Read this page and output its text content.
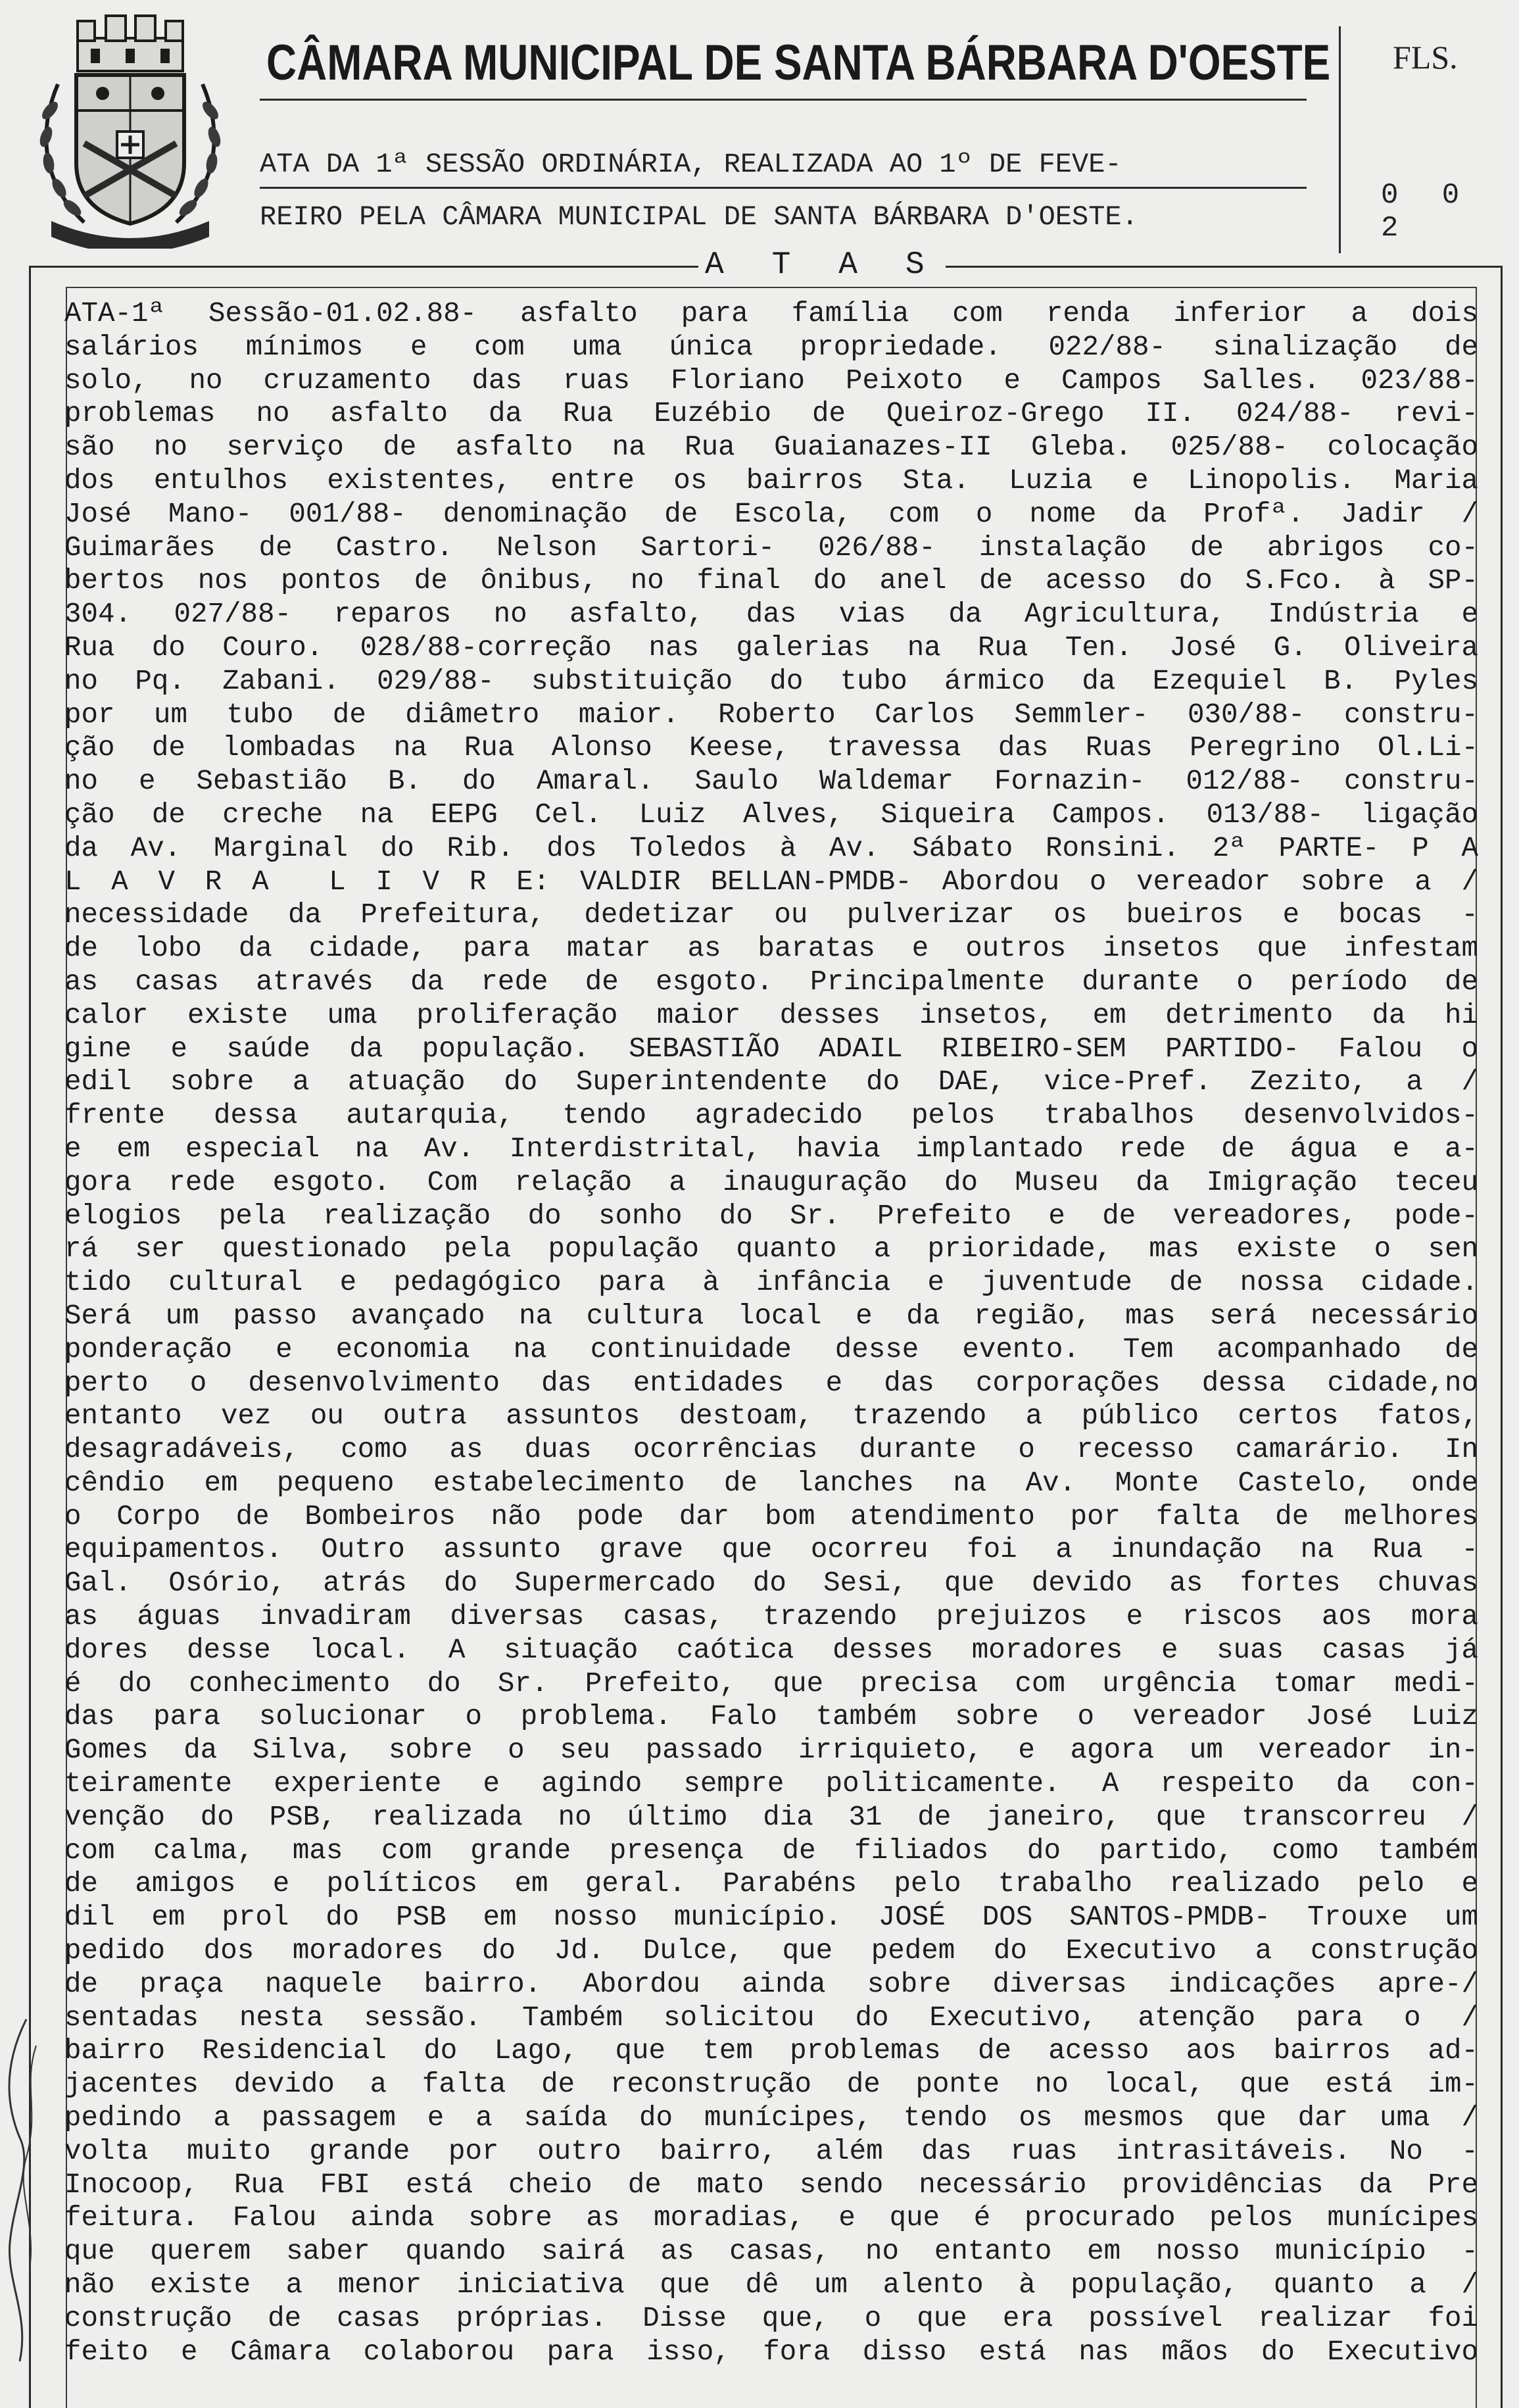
CÂMARA MUNICIPAL DE SANTA BÁRBARA D'OESTE
ATA DA 1ª SESSÃO ORDINÁRIA, REALIZADA AO 1º DE FEVE-
REIRO PELA CÂMARA MUNICIPAL DE SANTA BÁRBARA D'OESTE.
FLS.
0 0 2
A T A S
ATA-1ª Sessão-01.02.88- asfalto para família com renda inferior a dois
salários mínimos e com uma única propriedade. 022/88- sinalização de
solo, no cruzamento das ruas Floriano Peixoto e Campos Salles. 023/88-
problemas no asfalto da Rua Euzébio de Queiroz-Grego II. 024/88- revi-
são no serviço de asfalto na Rua Guaianazes-II Gleba. 025/88- colocação
dos entulhos existentes, entre os bairros Sta. Luzia e Linopolis. Maria
José Mano- 001/88- denominação de Escola, com o nome da Profª. Jadir /
Guimarães de Castro. Nelson Sartori- 026/88- instalação de abrigos co-
bertos nos pontos de ônibus, no final do anel de acesso do S.Fco. à SP-
304. 027/88- reparos no asfalto, das vias da Agricultura, Indústria e
Rua do Couro. 028/88-correção nas galerias na Rua Ten. José G. Oliveira
no Pq. Zabani. 029/88- substituição do tubo ármico da Ezequiel B. Pyles
por um tubo de diâmetro maior. Roberto Carlos Semmler- 030/88- constru-
ção de lombadas na Rua Alonso Keese, travessa das Ruas Peregrino Ol.Li-
no e Sebastião B. do Amaral. Saulo Waldemar Fornazin- 012/88- constru-
ção de creche na EEPG Cel. Luiz Alves, Siqueira Campos. 013/88- ligação
da Av. Marginal do Rib. dos Toledos à Av. Sábato Ronsini. 2ª PARTE- P A
L A V R A  L I V R E: VALDIR BELLAN-PMDB- Abordou o vereador sobre a /
necessidade da Prefeitura, dedetizar ou pulverizar os bueiros e bocas -
de lobo da cidade, para matar as baratas e outros insetos que infestam
as casas através da rede de esgoto. Principalmente durante o período de
calor existe uma proliferação maior desses insetos, em detrimento da hi
gine e saúde da população. SEBASTIÃO ADAIL RIBEIRO-SEM PARTIDO- Falou o
edil sobre a atuação do Superintendente do DAE, vice-Pref. Zezito, a /
frente dessa autarquia, tendo agradecido pelos trabalhos desenvolvidos-
e em especial na Av. Interdistrital, havia implantado rede de água e a-
gora rede esgoto. Com relação a inauguração do Museu da Imigração teceu
elogios pela realização do sonho do Sr. Prefeito e de vereadores, pode-
rá ser questionado pela população quanto a prioridade, mas existe o sen
tido cultural e pedagógico para à infância e juventude de nossa cidade.
Será um passo avançado na cultura local e da região, mas será necessário
ponderação e economia na continuidade desse evento. Tem acompanhado de
perto o desenvolvimento das entidades e das corporações dessa cidade,no
entanto vez ou outra assuntos destoam, trazendo a público certos fatos,
desagradáveis, como as duas ocorrências durante o recesso camarário. In
cêndio em pequeno estabelecimento de lanches na Av. Monte Castelo, onde
o Corpo de Bombeiros não pode dar bom atendimento por falta de melhores
equipamentos. Outro assunto grave que ocorreu foi a inundação na Rua -
Gal. Osório, atrás do Supermercado do Sesi, que devido as fortes chuvas
as águas invadiram diversas casas, trazendo prejuizos e riscos aos mora
dores desse local. A situação caótica desses moradores e suas casas já
é do conhecimento do Sr. Prefeito, que precisa com urgência tomar medi-
das para solucionar o problema. Falo também sobre o vereador José Luiz
Gomes da Silva, sobre o seu passado irriquieto, e agora um vereador in-
teiramente experiente e agindo sempre politicamente. A respeito da con-
venção do PSB, realizada no último dia 31 de janeiro, que transcorreu /
com calma, mas com grande presença de filiados do partido, como também
de amigos e políticos em geral. Parabéns pelo trabalho realizado pelo e
dil em prol do PSB em nosso município. JOSÉ DOS SANTOS-PMDB- Trouxe um
pedido dos moradores do Jd. Dulce, que pedem do Executivo a construção
de praça naquele bairro. Abordou ainda sobre diversas indicações apre-/
sentadas nesta sessão. Também solicitou do Executivo, atenção para o /
bairro Residencial do Lago, que tem problemas de acesso aos bairros ad-
jacentes devido a falta de reconstrução de ponte no local, que está im-
pedindo a passagem e a saída do munícipes, tendo os mesmos que dar uma /
volta muito grande por outro bairro, além das ruas intrasitáveis. No -
Inocoop, Rua FBI está cheio de mato sendo necessário providências da Pre
feitura. Falou ainda sobre as moradias, e que é procurado pelos munícipes
que querem saber quando sairá as casas, no entanto em nosso município -
não existe a menor iniciativa que dê um alento à população, quanto a /
construção de casas próprias. Disse que, o que era possível realizar foi
feito e Câmara colaborou para isso, fora disso está nas mãos do Executivo
